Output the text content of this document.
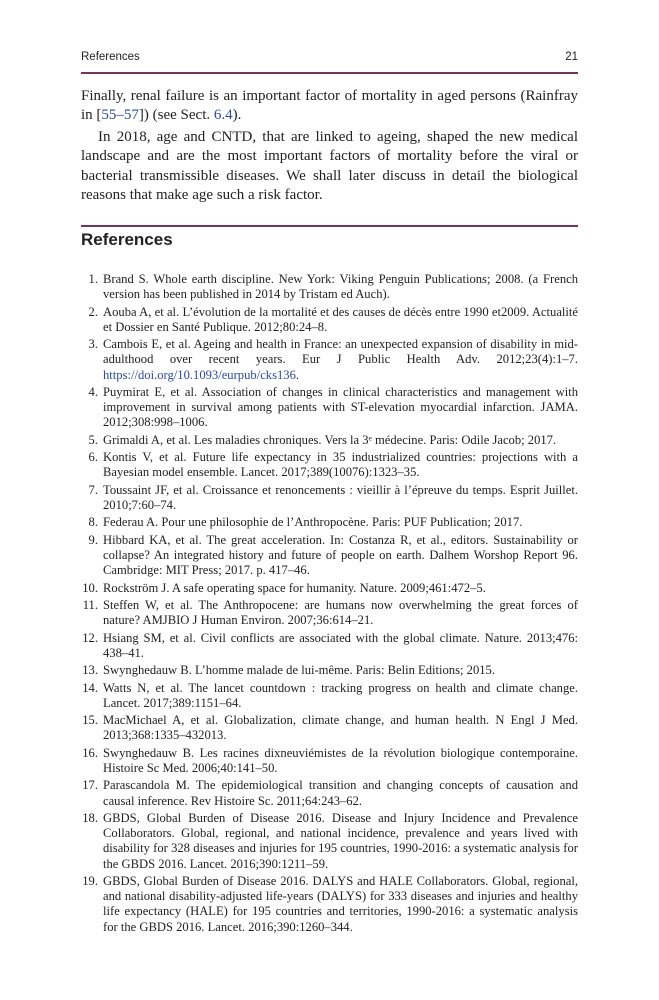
References	21

Finally, renal failure is an important factor of mortality in aged persons (Rainfray in [55–57]) (see Sect. 6.4).

In 2018, age and CNTD, that are linked to ageing, shaped the new medical landscape and are the most important factors of mortality before the viral or bacterial transmissible diseases. We shall later discuss in detail the biological reasons that make age such a risk factor.

References
1. Brand S. Whole earth discipline. New York: Viking Penguin Publications; 2008. (a French version has been published in 2014 by Tristam ed Auch).
2. Aouba A, et al. L’évolution de la mortalité et des causes de décès entre 1990 et2009. Actualité et Dossier en Santé Publique. 2012;80:24–8.
3. Cambois E, et al. Ageing and health in France: an unexpected expansion of disability in mid-adulthood over recent years. Eur J Public Health Adv. 2012;23(4):1–7. https://doi.org/10.1093/eurpub/cks136.
4. Puymirat E, et al. Association of changes in clinical characteristics and management with improvement in survival among patients with ST-elevation myocardial infarction. JAMA. 2012;308:998–1006.
5. Grimaldi A, et al. Les maladies chroniques. Vers la 3ᵉ médecine. Paris: Odile Jacob; 2017.
6. Kontis V, et al. Future life expectancy in 35 industrialized countries: projections with a Bayesian model ensemble. Lancet. 2017;389(10076):1323–35.
7. Toussaint JF, et al. Croissance et renoncements : vieillir à l’épreuve du temps. Esprit Juillet. 2010;7:60–74.
8. Federau A. Pour une philosophie de l’Anthropocène. Paris: PUF Publication; 2017.
9. Hibbard KA, et al. The great acceleration. In: Costanza R, et al., editors. Sustainability or collapse? An integrated history and future of people on earth. Dalhem Worshop Report 96. Cambridge: MIT Press; 2017. p. 417–46.
10. Rockström J. A safe operating space for humanity. Nature. 2009;461:472–5.
11. Steffen W, et al. The Anthropocene: are humans now overwhelming the great forces of nature? AMJBIO J Human Environ. 2007;36:614–21.
12. Hsiang SM, et al. Civil conflicts are associated with the global climate. Nature. 2013;476: 438–41.
13. Swynghedauw B. L’homme malade de lui-même. Paris: Belin Editions; 2015.
14. Watts N, et al. The lancet countdown : tracking progress on health and climate change. Lancet. 2017;389:1151–64.
15. MacMichael A, et al. Globalization, climate change, and human health. N Engl J Med. 2013;368:1335–432013.
16. Swynghedauw B. Les racines dixneuviémistes de la révolution biologique contemporaine. Histoire Sc Med. 2006;40:141–50.
17. Parascandola M. The epidemiological transition and changing concepts of causation and causal inference. Rev Histoire Sc. 2011;64:243–62.
18. GBDS, Global Burden of Disease 2016. Disease and Injury Incidence and Prevalence Collaborators. Global, regional, and national incidence, prevalence and years lived with disability for 328 diseases and injuries for 195 countries, 1990-2016: a systematic analysis for the GBDS 2016. Lancet. 2016;390:1211–59.
19. GBDS, Global Burden of Disease 2016. DALYS and HALE Collaborators. Global, regional, and national disability-adjusted life-years (DALYS) for 333 diseases and injuries and healthy life expectancy (HALE) for 195 countries and territories, 1990-2016: a systematic analysis for the GBDS 2016. Lancet. 2016;390:1260–344.
